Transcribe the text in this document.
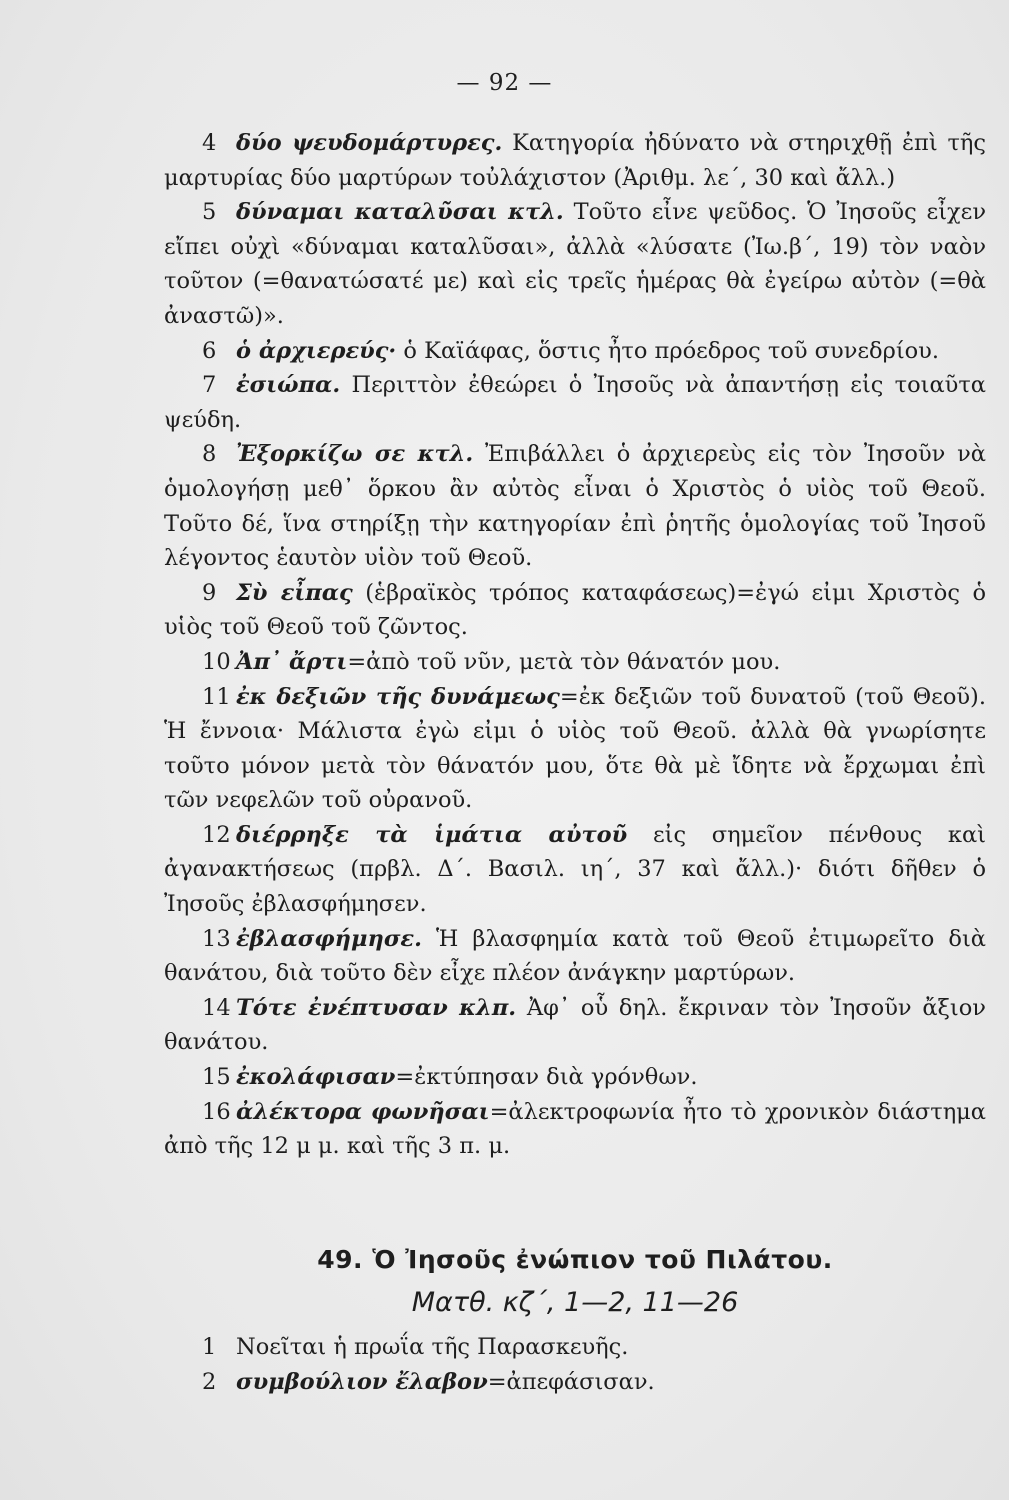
— 92 —

4 δύο ψευδομάρτυρες. Κατηγορία ἠδύνατο νὰ στηριχθῇ ἐπὶ τῆς μαρτυρίας δύο μαρτύρων τοὐλάχιστον (Ἀριθμ. λε΄, 30 καὶ ἄλλ.)

5 δύναμαι καταλῦσαι κτλ. Τοῦτο εἶνε ψεῦδος. Ὁ Ἰησοῦς εἶχεν εἴπει οὐχὶ «δύναμαι καταλῦσαι», ἀλλὰ «λύσατε (Ἰω.β΄, 19) τὸν ναὸν τοῦτον (=θανατώσατέ με) καὶ εἰς τρεῖς ἡμέρας θὰ ἐγείρω αὐτὸν (=θὰ ἀναστῶ)».

6 ὁ ἀρχιερεύς· ὁ Καϊάφας, ὅστις ἦτο πρόεδρος τοῦ συνεδρίου.

7 ἐσιώπα. Περιττὸν ἐθεώρει ὁ Ἰησοῦς νὰ ἀπαντήσῃ εἰς τοιαῦτα ψεύδη.

8 Ἐξορκίζω σε κτλ. Ἐπιβάλλει ὁ ἀρχιερεὺς εἰς τὸν Ἰησοῦν νὰ ὁμολογήσῃ μεθ᾽ ὅρκου ἂν αὐτὸς εἶναι ὁ Χριστὸς ὁ υἱὸς τοῦ Θεοῦ. Τοῦτο δέ, ἵνα στηρίξῃ τὴν κατηγορίαν ἐπὶ ῥητῆς ὁμολογίας τοῦ Ἰησοῦ λέγοντος ἑαυτὸν υἱὸν τοῦ Θεοῦ.

9 Σὺ εἶπας (ἑβραϊκὸς τρόπος καταφάσεως)=ἐγώ εἰμι Χριστὸς ὁ υἱὸς τοῦ Θεοῦ τοῦ ζῶντος.

10 Ἀπ᾽ ἄρτι=ἀπὸ τοῦ νῦν, μετὰ τὸν θάνατόν μου.

11 ἐκ δεξιῶν τῆς δυνάμεως=ἐκ δεξιῶν τοῦ δυνατοῦ (τοῦ Θεοῦ). Ἡ ἔννοια· Μάλιστα ἐγὼ εἰμι ὁ υἱὸς τοῦ Θεοῦ. ἀλλὰ θὰ γνωρίσητε τοῦτο μόνον μετὰ τὸν θάνατόν μου, ὅτε θὰ μὲ ἴδητε νὰ ἔρχωμαι ἐπὶ τῶν νεφελῶν τοῦ οὐρανοῦ.

12 διέρρηξε τὰ ἱμάτια αὐτοῦ εἰς σημεῖον πένθους καὶ ἀγανακτήσεως (πρβλ. Δ΄. Βασιλ. ιη΄, 37 καὶ ἄλλ.)· διότι δῆθεν ὁ Ἰησοῦς ἐβλασφήμησεν.

13 ἐβλασφήμησε. Ἡ βλασφημία κατὰ τοῦ Θεοῦ ἐτιμωρεῖτο διὰ θανάτου, διὰ τοῦτο δὲν εἶχε πλέον ἀνάγκην μαρτύρων.

14 Τότε ἐνέπτυσαν κλπ. Ἀφ᾽ οὗ δηλ. ἔκριναν τὸν Ἰησοῦν ἄξιον θανάτου.

15 ἐκολάφισαν=ἐκτύπησαν διὰ γρόνθων.

16 ἀλέκτορα φωνῆσαι=ἀλεκτροφωνία ἦτο τὸ χρονικὸν διάστημα ἀπὸ τῆς 12 μ μ. καὶ τῆς 3 π. μ.

49. Ὁ Ἰησοῦς ἐνώπιον τοῦ Πιλάτου.

Ματθ. κζ΄, 1—2, 11—26

1 Νοεῖται ἡ πρωΐα τῆς Παρασκευῆς.

2 συμβούλιον ἔλαβον=ἀπεφάσισαν.
